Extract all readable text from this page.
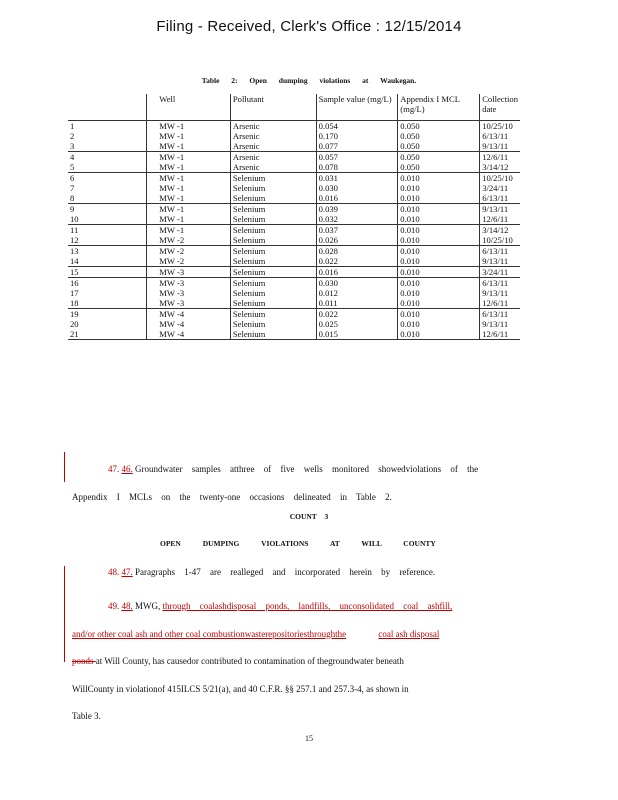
Filing - Received, Clerk's Office : 12/15/2014
Table 2: Open dumping violations at Waukegan.
	Well	Pollutant	Sample value (mg/L)	Appendix I MCL (mg/L)	Collection date
1	MW -1	Arsenic	0.054	0.050	10/25/10
2	MW -1	Arsenic	0.170	0.050	6/13/11
3	MW -1	Arsenic	0.077	0.050	9/13/11
4	MW -1	Arsenic	0.057	0.050	12/6/11
5	MW -1	Arsenic	0.078	0.050	3/14/12
6	MW -1	Selenium	0.031	0.010	10/25/10
7	MW -1	Selenium	0.030	0.010	3/24/11
8	MW -1	Selenium	0.016	0.010	6/13/11
9	MW -1	Selenium	0.039	0.010	9/13/11
10	MW -1	Selenium	0.032	0.010	12/6/11
11	MW -1	Selenium	0.037	0.010	3/14/12
12	MW -2	Selenium	0.026	0.010	10/25/10
13	MW -2	Selenium	0.028	0.010	6/13/11
14	MW -2	Selenium	0.022	0.010	9/13/11
15	MW -3	Selenium	0.016	0.010	3/24/11
16	MW -3	Selenium	0.030	0.010	6/13/11
17	MW -3	Selenium	0.012	0.010	9/13/11
18	MW -3	Selenium	0.011	0.010	12/6/11
19	MW -4	Selenium	0.022	0.010	6/13/11
20	MW -4	Selenium	0.025	0.010	9/13/11
21	MW -4	Selenium	0.015	0.010	12/6/11
47. 46. Groundwater samples atthree of five wells monitored showedviolations of the
Appendix I MCLs on the twenty-one occasions delineated in Table 2.
COUNT 3
OPEN DUMPING VIOLATIONS AT WILL COUNTY
48. 47. Paragraphs 1-47 are realleged and incorporated herein by reference.
49. 48. MWG, through coalashdisposal ponds, landfills, unconsolidated coal ashfill,
and/or other coal ash and other coal combustionwasterepositoriesthroughthe	coal ash disposal
ponds at Will County, has causedor contributed to contamination of thegroundwater beneath
WillCounty in violationof 415ILCS 5/21(a), and 40 C.F.R. §§ 257.1 and 257.3-4, as shown in
Table 3.
15
